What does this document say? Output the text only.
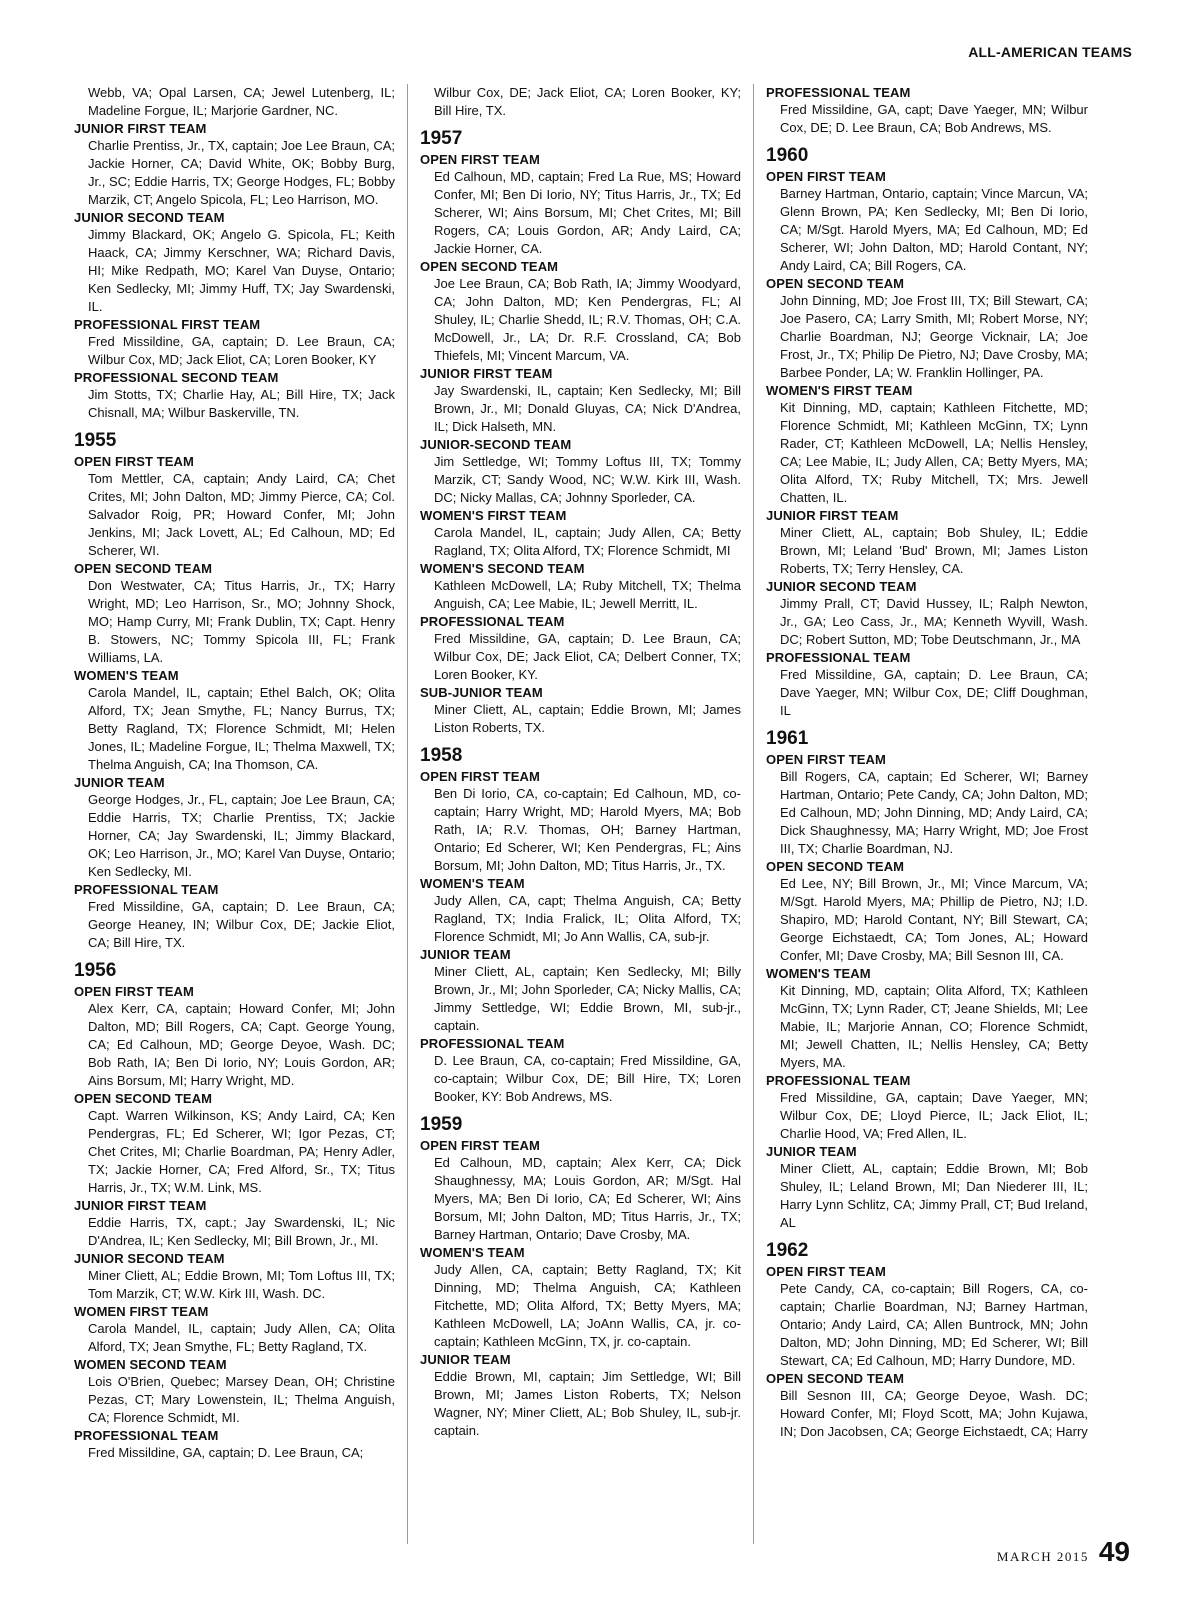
ALL-AMERICAN TEAMS
Webb, VA; Opal Larsen, CA; Jewel Lutenberg, IL; Madeline Forgue, IL; Marjorie Gardner, NC.
JUNIOR FIRST TEAM
Charlie Prentiss, Jr., TX, captain; Joe Lee Braun, CA; Jackie Horner, CA; David White, OK; Bobby Burg, Jr., SC; Eddie Harris, TX; George Hodges, FL; Bobby Marzik, CT; Angelo Spicola, FL; Leo Harrison, MO.
JUNIOR SECOND TEAM
Jimmy Blackard, OK; Angelo G. Spicola, FL; Keith Haack, CA; Jimmy Kerschner, WA; Richard Davis, HI; Mike Redpath, MO; Karel Van Duyse, Ontario; Ken Sedlecky, MI; Jimmy Huff, TX; Jay Swardenski, IL.
PROFESSIONAL FIRST TEAM
Fred Missildine, GA, captain; D. Lee Braun, CA; Wilbur Cox, MD; Jack Eliot, CA; Loren Booker, KY
PROFESSIONAL SECOND TEAM
Jim Stotts, TX; Charlie Hay, AL; Bill Hire, TX; Jack Chisnall, MA; Wilbur Baskerville, TN.
1955
OPEN FIRST TEAM
Tom Mettler, CA, captain; Andy Laird, CA; Chet Crites, MI; John Dalton, MD; Jimmy Pierce, CA; Col. Salvador Roig, PR; Howard Confer, MI; John Jenkins, MI; Jack Lovett, AL; Ed Calhoun, MD; Ed Scherer, WI.
OPEN SECOND TEAM
Don Westwater, CA; Titus Harris, Jr., TX; Harry Wright, MD; Leo Harrison, Sr., MO; Johnny Shock, MO; Hamp Curry, MI; Frank Dublin, TX; Capt. Henry B. Stowers, NC; Tommy Spicola III, FL; Frank Williams, LA.
WOMEN'S TEAM
Carola Mandel, IL, captain; Ethel Balch, OK; Olita Alford, TX; Jean Smythe, FL; Nancy Burrus, TX; Betty Ragland, TX; Florence Schmidt, MI; Helen Jones, IL; Madeline Forgue, IL; Thelma Maxwell, TX; Thelma Anguish, CA; Ina Thomson, CA.
JUNIOR TEAM
George Hodges, Jr., FL, captain; Joe Lee Braun, CA; Eddie Harris, TX; Charlie Prentiss, TX; Jackie Horner, CA; Jay Swardenski, IL; Jimmy Blackard, OK; Leo Harrison, Jr., MO; Karel Van Duyse, Ontario; Ken Sedlecky, MI.
PROFESSIONAL TEAM
Fred Missildine, GA, captain; D. Lee Braun, CA; George Heaney, IN; Wilbur Cox, DE; Jackie Eliot, CA; Bill Hire, TX.
1956
OPEN FIRST TEAM
Alex Kerr, CA, captain; Howard Confer, MI; John Dalton, MD; Bill Rogers, CA; Capt. George Young, CA; Ed Calhoun, MD; George Deyoe, Wash. DC; Bob Rath, IA; Ben Di Iorio, NY; Louis Gordon, AR; Ains Borsum, MI; Harry Wright, MD.
OPEN SECOND TEAM
Capt. Warren Wilkinson, KS; Andy Laird, CA; Ken Pendergras, FL; Ed Scherer, WI; Igor Pezas, CT; Chet Crites, MI; Charlie Boardman, PA; Henry Adler, TX; Jackie Horner, CA; Fred Alford, Sr., TX; Titus Harris, Jr., TX; W.M. Link, MS.
JUNIOR FIRST TEAM
Eddie Harris, TX, capt.; Jay Swardenski, IL; Nic D'Andrea, IL; Ken Sedlecky, MI; Bill Brown, Jr., MI.
JUNIOR SECOND TEAM
Miner Cliett, AL; Eddie Brown, MI; Tom Loftus III, TX; Tom Marzik, CT; W.W. Kirk III, Wash. DC.
WOMEN FIRST TEAM
Carola Mandel, IL, captain; Judy Allen, CA; Olita Alford, TX; Jean Smythe, FL; Betty Ragland, TX.
WOMEN SECOND TEAM
Lois O'Brien, Quebec; Marsey Dean, OH; Christine Pezas, CT; Mary Lowenstein, IL; Thelma Anguish, CA; Florence Schmidt, MI.
PROFESSIONAL TEAM
Fred Missildine, GA, captain; D. Lee Braun, CA;
Wilbur Cox, DE; Jack Eliot, CA; Loren Booker, KY; Bill Hire, TX.
1957
OPEN FIRST TEAM
Ed Calhoun, MD, captain; Fred La Rue, MS; Howard Confer, MI; Ben Di Iorio, NY; Titus Harris, Jr., TX; Ed Scherer, WI; Ains Borsum, MI; Chet Crites, MI; Bill Rogers, CA; Louis Gordon, AR; Andy Laird, CA; Jackie Horner, CA.
OPEN SECOND TEAM
Joe Lee Braun, CA; Bob Rath, IA; Jimmy Woodyard, CA; John Dalton, MD; Ken Pendergras, FL; Al Shuley, IL; Charlie Shedd, IL; R.V. Thomas, OH; C.A. McDowell, Jr., LA; Dr. R.F. Crossland, CA; Bob Thiefels, MI; Vincent Marcum, VA.
JUNIOR FIRST TEAM
Jay Swardenski, IL, captain; Ken Sedlecky, MI; Bill Brown, Jr., MI; Donald Gluyas, CA; Nick D'Andrea, IL; Dick Halseth, MN.
JUNIOR-SECOND TEAM
Jim Settledge, WI; Tommy Loftus III, TX; Tommy Marzik, CT; Sandy Wood, NC; W.W. Kirk III, Wash. DC; Nicky Mallas, CA; Johnny Sporleder, CA.
WOMEN'S FIRST TEAM
Carola Mandel, IL, captain; Judy Allen, CA; Betty Ragland, TX; Olita Alford, TX; Florence Schmidt, MI
WOMEN'S SECOND TEAM
Kathleen McDowell, LA; Ruby Mitchell, TX; Thelma Anguish, CA; Lee Mabie, IL; Jewell Merritt, IL.
PROFESSIONAL TEAM
Fred Missildine, GA, captain; D. Lee Braun, CA; Wilbur Cox, DE; Jack Eliot, CA; Delbert Conner, TX; Loren Booker, KY.
SUB-JUNIOR TEAM
Miner Cliett, AL, captain; Eddie Brown, MI; James Liston Roberts, TX.
1958
OPEN FIRST TEAM
Ben Di Iorio, CA, co-captain; Ed Calhoun, MD, co-captain; Harry Wright, MD; Harold Myers, MA; Bob Rath, IA; R.V. Thomas, OH; Barney Hartman, Ontario; Ed Scherer, WI; Ken Pendergras, FL; Ains Borsum, MI; John Dalton, MD; Titus Harris, Jr., TX.
WOMEN'S TEAM
Judy Allen, CA, capt; Thelma Anguish, CA; Betty Ragland, TX; India Fralick, IL; Olita Alford, TX; Florence Schmidt, MI; Jo Ann Wallis, CA, sub-jr.
JUNIOR TEAM
Miner Cliett, AL, captain; Ken Sedlecky, MI; Billy Brown, Jr., MI; John Sporleder, CA; Nicky Mallis, CA; Jimmy Settledge, WI; Eddie Brown, MI, sub-jr., captain.
PROFESSIONAL TEAM
D. Lee Braun, CA, co-captain; Fred Missildine, GA, co-captain; Wilbur Cox, DE; Bill Hire, TX; Loren Booker, KY: Bob Andrews, MS.
1959
OPEN FIRST TEAM
Ed Calhoun, MD, captain; Alex Kerr, CA; Dick Shaughnessy, MA; Louis Gordon, AR; M/Sgt. Hal Myers, MA; Ben Di Iorio, CA; Ed Scherer, WI; Ains Borsum, MI; John Dalton, MD; Titus Harris, Jr., TX; Barney Hartman, Ontario; Dave Crosby, MA.
WOMEN'S TEAM
Judy Allen, CA, captain; Betty Ragland, TX; Kit Dinning, MD; Thelma Anguish, CA; Kathleen Fitchette, MD; Olita Alford, TX; Betty Myers, MA; Kathleen McDowell, LA; JoAnn Wallis, CA, jr. co-captain; Kathleen McGinn, TX, jr. co-captain.
JUNIOR TEAM
Eddie Brown, MI, captain; Jim Settledge, WI; Bill Brown, MI; James Liston Roberts, TX; Nelson Wagner, NY; Miner Cliett, AL; Bob Shuley, IL, sub-jr. captain.
PROFESSIONAL TEAM
Fred Missildine, GA, capt; Dave Yaeger, MN; Wilbur Cox, DE; D. Lee Braun, CA; Bob Andrews, MS.
1960
OPEN FIRST TEAM
Barney Hartman, Ontario, captain; Vince Marcun, VA; Glenn Brown, PA; Ken Sedlecky, MI; Ben Di Iorio, CA; M/Sgt. Harold Myers, MA; Ed Calhoun, MD; Ed Scherer, WI; John Dalton, MD; Harold Contant, NY; Andy Laird, CA; Bill Rogers, CA.
OPEN SECOND TEAM
John Dinning, MD; Joe Frost III, TX; Bill Stewart, CA; Joe Pasero, CA; Larry Smith, MI; Robert Morse, NY; Charlie Boardman, NJ; George Vicknair, LA; Joe Frost, Jr., TX; Philip De Pietro, NJ; Dave Crosby, MA; Barbee Ponder, LA; W. Franklin Hollinger, PA.
WOMEN'S FIRST TEAM
Kit Dinning, MD, captain; Kathleen Fitchette, MD; Florence Schmidt, MI; Kathleen McGinn, TX; Lynn Rader, CT; Kathleen McDowell, LA; Nellis Hensley, CA; Lee Mabie, IL; Judy Allen, CA; Betty Myers, MA; Olita Alford, TX; Ruby Mitchell, TX; Mrs. Jewell Chatten, IL.
JUNIOR FIRST TEAM
Miner Cliett, AL, captain; Bob Shuley, IL; Eddie Brown, MI; Leland 'Bud' Brown, MI; James Liston Roberts, TX; Terry Hensley, CA.
JUNIOR SECOND TEAM
Jimmy Prall, CT; David Hussey, IL; Ralph Newton, Jr., GA; Leo Cass, Jr., MA; Kenneth Wyvill, Wash. DC; Robert Sutton, MD; Tobe Deutschmann, Jr., MA
PROFESSIONAL TEAM
Fred Missildine, GA, captain; D. Lee Braun, CA; Dave Yaeger, MN; Wilbur Cox, DE; Cliff Doughman, IL
1961
OPEN FIRST TEAM
Bill Rogers, CA, captain; Ed Scherer, WI; Barney Hartman, Ontario; Pete Candy, CA; John Dalton, MD; Ed Calhoun, MD; John Dinning, MD; Andy Laird, CA; Dick Shaughnessy, MA; Harry Wright, MD; Joe Frost III, TX; Charlie Boardman, NJ.
OPEN SECOND TEAM
Ed Lee, NY; Bill Brown, Jr., MI; Vince Marcum, VA; M/Sgt. Harold Myers, MA; Phillip de Pietro, NJ; I.D. Shapiro, MD; Harold Contant, NY; Bill Stewart, CA; George Eichstaedt, CA; Tom Jones, AL; Howard Confer, MI; Dave Crosby, MA; Bill Sesnon III, CA.
WOMEN'S TEAM
Kit Dinning, MD, captain; Olita Alford, TX; Kathleen McGinn, TX; Lynn Rader, CT; Jeane Shields, MI; Lee Mabie, IL; Marjorie Annan, CO; Florence Schmidt, MI; Jewell Chatten, IL; Nellis Hensley, CA; Betty Myers, MA.
PROFESSIONAL TEAM
Fred Missildine, GA, captain; Dave Yaeger, MN; Wilbur Cox, DE; Lloyd Pierce, IL; Jack Eliot, IL; Charlie Hood, VA; Fred Allen, IL.
JUNIOR TEAM
Miner Cliett, AL, captain; Eddie Brown, MI; Bob Shuley, IL; Leland Brown, MI; Dan Niederer III, IL; Harry Lynn Schlitz, CA; Jimmy Prall, CT; Bud Ireland, AL
1962
OPEN FIRST TEAM
Pete Candy, CA, co-captain; Bill Rogers, CA, co-captain; Charlie Boardman, NJ; Barney Hartman, Ontario; Andy Laird, CA; Allen Buntrock, MN; John Dalton, MD; John Dinning, MD; Ed Scherer, WI; Bill Stewart, CA; Ed Calhoun, MD; Harry Dundore, MD.
OPEN SECOND TEAM
Bill Sesnon III, CA; George Deyoe, Wash. DC; Howard Confer, MI; Floyd Scott, MA; John Kujawa, IN; Don Jacobsen, CA; George Eichstaedt, CA; Harry
MARCH 2015 49
